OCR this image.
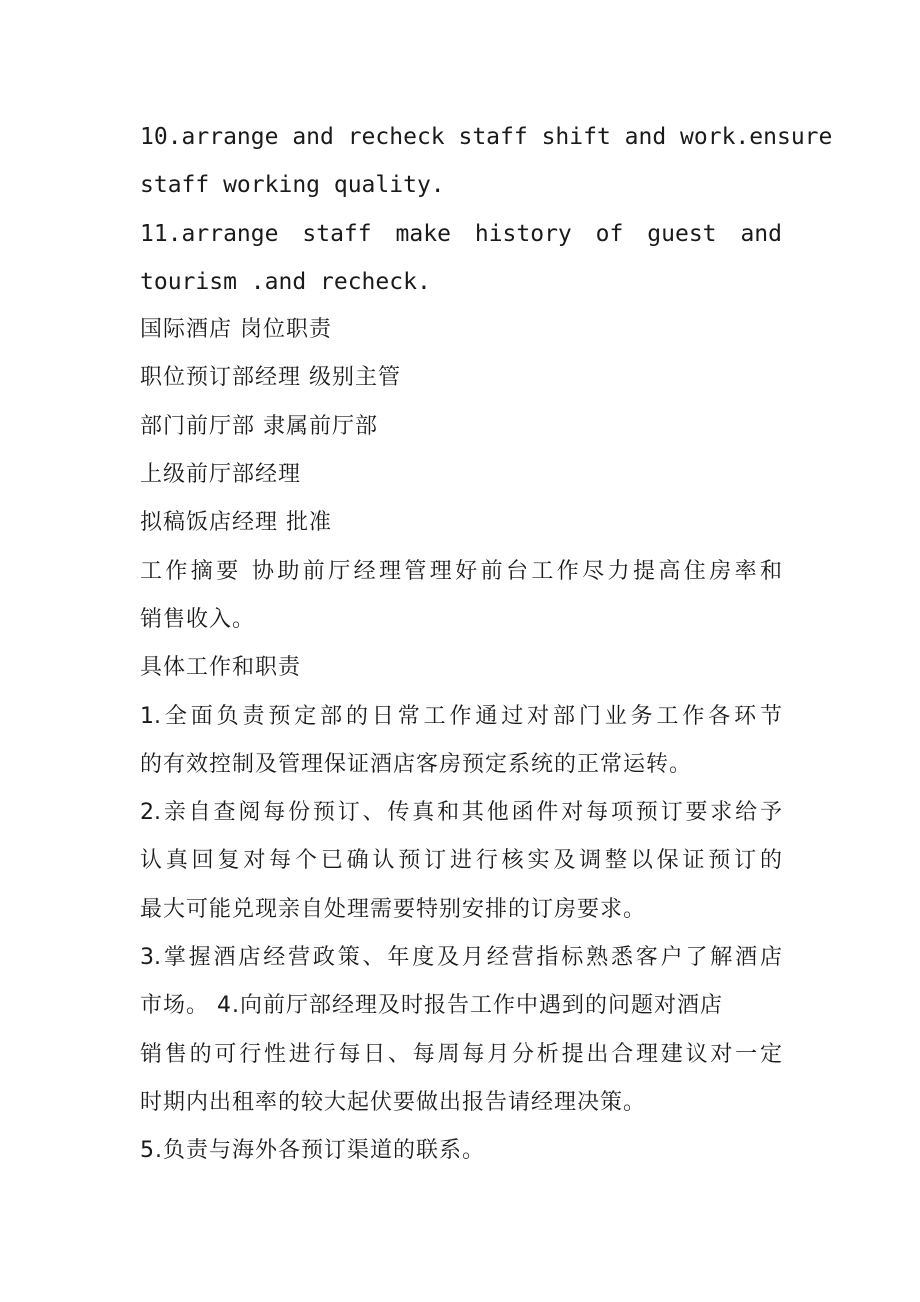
10.arrange and recheck staff shift and work.ensure
staff working quality.
11.arrange staff make history of guest and
tourism .and recheck.
国际酒店 岗位职责
职位预订部经理 级别主管
部门前厅部 隶属前厅部
上级前厅部经理
拟稿饭店经理 批准
工作摘要 协助前厅经理管理好前台工作尽力提高住房率和
销售收入。
具体工作和职责
1.全面负责预定部的日常工作通过对部门业务工作各环节
的有效控制及管理保证酒店客房预定系统的正常运转。
2.亲自查阅每份预订、传真和其他函件对每项预订要求给予
认真回复对每个已确认预订进行核实及调整以保证预订的
最大可能兑现亲自处理需要特别安排的订房要求。
3.掌握酒店经营政策、年度及月经营指标熟悉客户了解酒店
市场。 4.向前厅部经理及时报告工作中遇到的问题对酒店
销售的可行性进行每日、每周每月分析提出合理建议对一定
时期内出租率的较大起伏要做出报告请经理决策。
5.负责与海外各预订渠道的联系。
